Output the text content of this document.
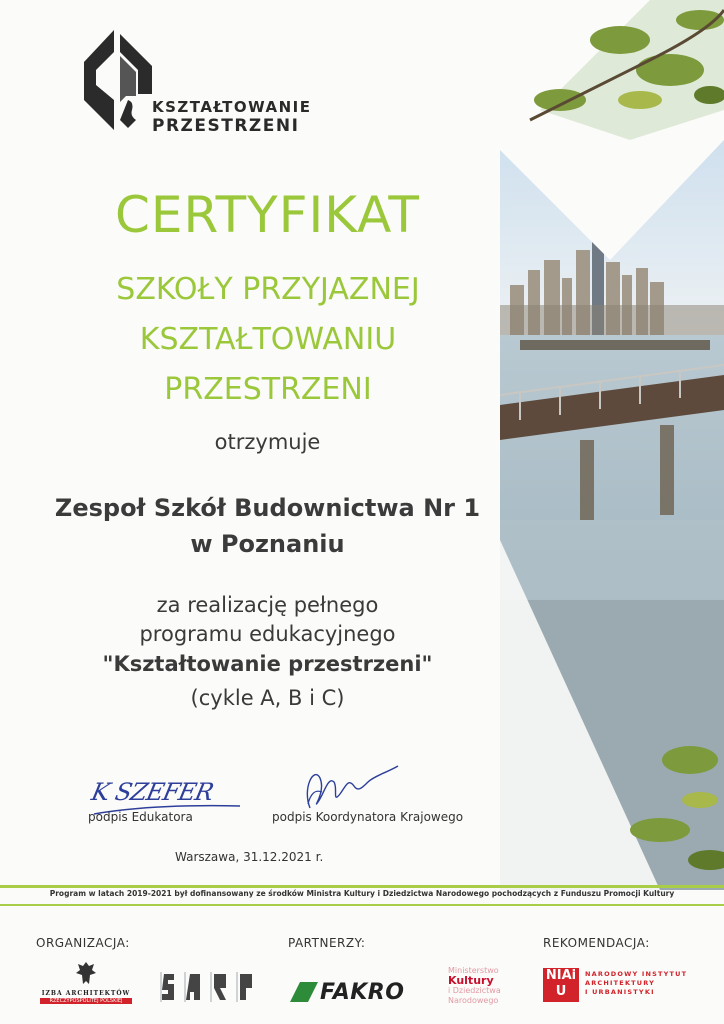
KSZTAŁTOWANIE
PRZESTRZENI
CERTYFIKAT
SZKOŁY PRZYJAZNEJ
KSZTAŁTOWANIU
PRZESTRZENI
otrzymuje
Zespoł Szkół Budownictwa Nr 1
w Poznaniu
za realizację pełnego
programu edukacyjnego
"Kształtowanie przestrzeni"
(cykle A, B i C)
K SZEFER
podpis Edukatora	podpis Koordynatora Krajowego
Warszawa, 31.12.2021 r.
Program w latach 2019-2021 był dofinansowany ze środków Ministra Kultury i Dziedzictwa Narodowego pochodzących z Funduszu Promocji Kultury
ORGANIZACJA:	PARTNERZY:	REKOMENDACJA:
IZBA ARCHITEKTÓW
RZECZYPOSPOLITEJ POLSKIEJ	FAKRO
Ministerstwo
Kultury
i Dziedzictwa
Narodowego
NIAiU
NARODOWY INSTYTUT
ARCHITEKTURY
I URBANISTYKI
